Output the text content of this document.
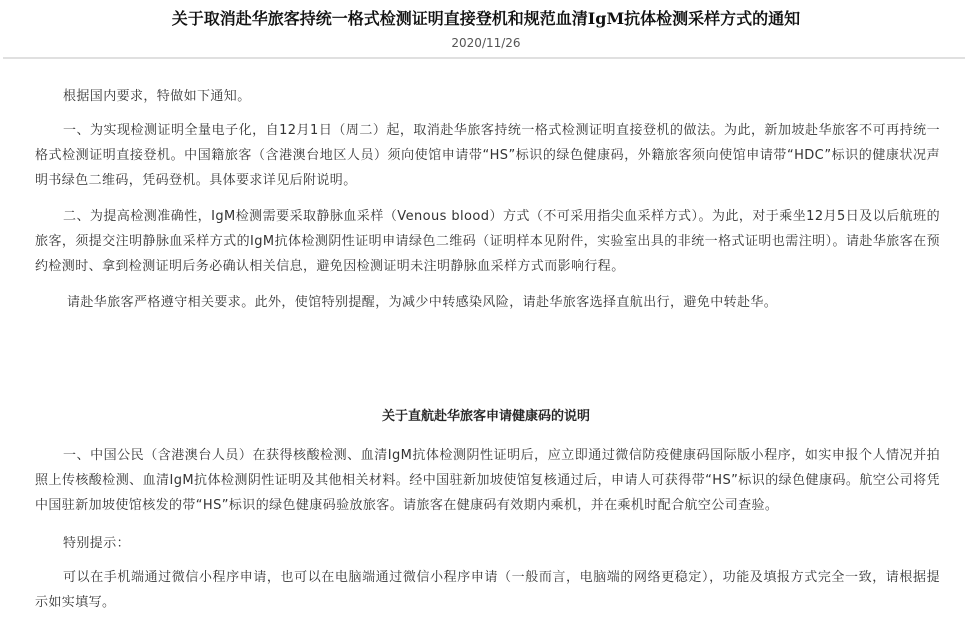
关于取消赴华旅客持统一格式检测证明直接登机和规范血清IgM抗体检测采样方式的通知
2020/11/26

根据国内要求，特做如下通知。

一、为实现检测证明全量电子化，自12月1日（周二）起，取消赴华旅客持统一格式检测证明直接登机的做法。为此，新加坡赴华旅客不可再持统一格式检测证明直接登机。中国籍旅客（含港澳台地区人员）须向使馆申请带“HS”标识的绿色健康码，外籍旅客须向使馆申请带“HDC”标识的健康状况声明书绿色二维码，凭码登机。具体要求详见后附说明。

二、为提高检测准确性，IgM检测需要采取静脉血采样（Venous blood）方式（不可采用指尖血采样方式）。为此，对于乘坐12月5日及以后航班的旅客，须提交注明静脉血采样方式的IgM抗体检测阴性证明申请绿色二维码（证明样本见附件，实验室出具的非统一格式证明也需注明）。请赴华旅客在预约检测时、拿到检测证明后务必确认相关信息，避免因检测证明未注明静脉血采样方式而影响行程。

请赴华旅客严格遵守相关要求。此外，使馆特别提醒，为减少中转感染风险，请赴华旅客选择直航出行，避免中转赴华。

关于直航赴华旅客申请健康码的说明

一、中国公民（含港澳台人员）在获得核酸检测、血清IgM抗体检测阴性证明后，应立即通过微信防疫健康码国际版小程序，如实申报个人情况并拍照上传核酸检测、血清IgM抗体检测阴性证明及其他相关材料。经中国驻新加坡使馆复核通过后，申请人可获得带“HS”标识的绿色健康码。航空公司将凭中国驻新加坡使馆核发的带“HS”标识的绿色健康码验放旅客。请旅客在健康码有效期内乘机，并在乘机时配合航空公司查验。

特别提示：

可以在手机端通过微信小程序申请，也可以在电脑端通过微信小程序申请（一般而言，电脑端的网络更稳定），功能及填报方式完全一致，请根据提示如实填写。
